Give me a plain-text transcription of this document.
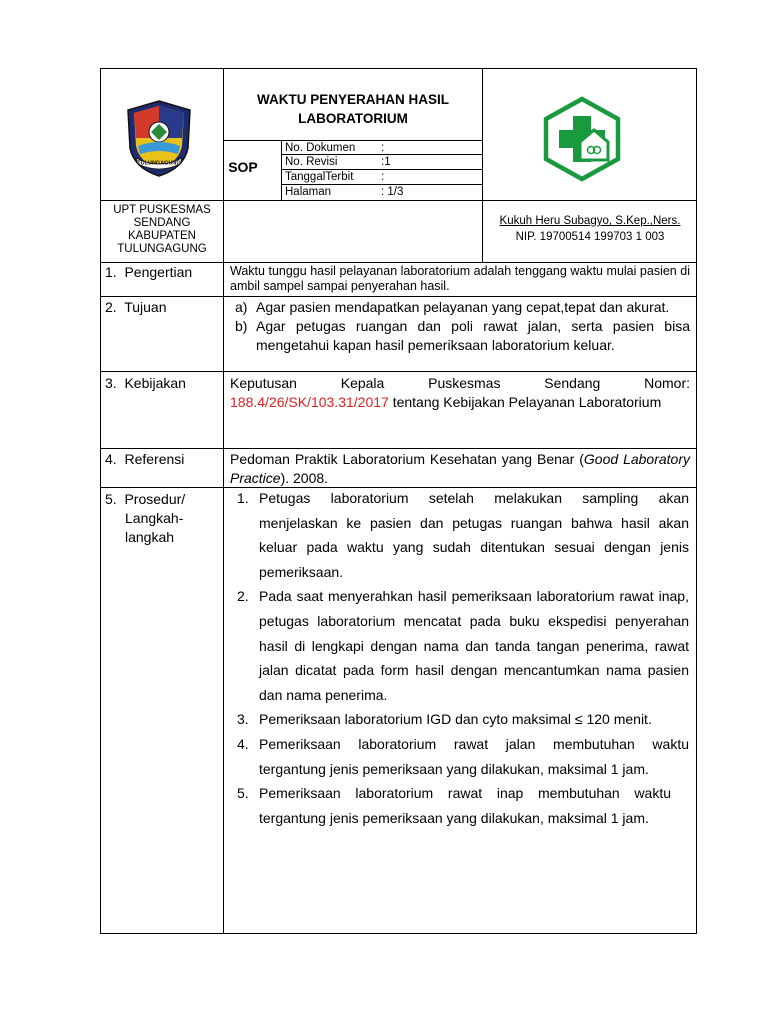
TULUNGAGUNG
WAKTU PENYERAHAN HASIL
LABORATORIUM
SOP
No. Dokumen :
No. Revisi	:1
TanggalTerbit :
Halaman	: 1/3
UPT PUSKESMAS
SENDANG
KABUPATEN
TULUNGAGUNG
Kukuh Heru Subagyo, S.Kep.,Ners.
NIP. 19700514 199703 1 003
1.  Pengertian	Waktu tunggu hasil pelayanan laboratorium adalah tenggang waktu mulai pasien di ambil sampel sampai penyerahan hasil.
2.  Tujuan	a) Agar pasien mendapatkan pelayanan yang cepat,tepat dan akurat.
b) Agar petugas ruangan dan poli rawat jalan, serta pasien bisa mengetahui kapan hasil pemeriksaan laboratorium keluar.
3.  Kebijakan	Keputusan Kepala Puskesmas Sendang Nomor: 188.4/26/SK/103.31/2017 tentang Kebijakan Pelayanan Laboratorium
4.  Referensi	Pedoman Praktik Laboratorium Kesehatan yang Benar (Good Laboratory Practice). 2008.
5.  Prosedur/
Langkah-
langkah
1. Petugas laboratorium setelah melakukan sampling akan menjelaskan ke pasien dan petugas ruangan bahwa hasil akan keluar pada waktu yang sudah ditentukan sesuai dengan jenis pemeriksaan.
2. Pada saat menyerahkan hasil pemeriksaan laboratorium rawat inap, petugas laboratorium mencatat pada buku ekspedisi penyerahan hasil di lengkapi dengan nama dan tanda tangan penerima, rawat jalan dicatat pada form hasil dengan mencantumkan nama pasien dan nama penerima.
3. Pemeriksaan laboratorium IGD dan cyto maksimal ≤ 120 menit.
4. Pemeriksaan laboratorium rawat jalan membutuhan waktu tergantung jenis pemeriksaan yang dilakukan, maksimal 1 jam.
5. Pemeriksaan laboratorium rawat inap membutuhan waktu tergantung jenis pemeriksaan yang dilakukan, maksimal 1 jam.
